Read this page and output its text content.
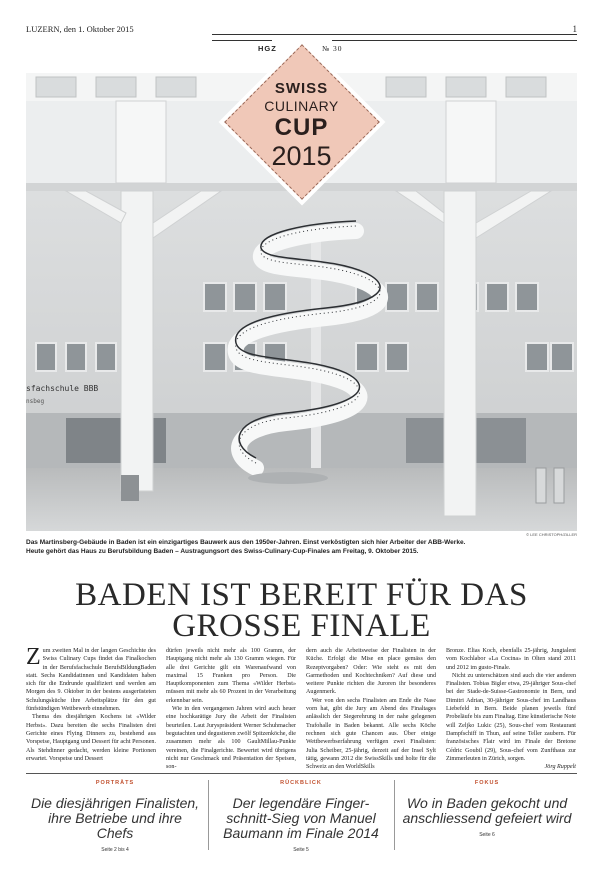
LUZERN, den 1. Oktober 2015	1
HGZ	№ 30
sfachschule BBB
nsbeg
SWISS
CULINARY
CUP
2015
© LEE CHRISTOPH/ZILLER
Das Martinsberg-Gebäude in Baden ist ein einzigartiges Bauwerk aus den 1950er-Jahren. Einst verköstigten sich hier Arbeiter der ABB-Werke. Heute gehört das Haus zu Berufsbildung Baden – Austragungsort des Swiss-Culinary-Cup-Finales am Freitag, 9. Oktober 2015.
BADEN IST BEREIT FÜR DAS
GROSSE FINALE
Z um zweiten Mal in der langen Geschichte des Swiss Culinary Cups findet das Finalkochen in der Berufsfachschule BerufsBildungBaden statt. Sechs Kandidatinnen und Kandidaten haben sich für die Endrunde qualifiziert und werden am Morgen des 9. Oktober in der bestens ausgerüsteten Schulungsküche ihre Arbeitsplätze für den gut fünfstündigen Wettbewerb einnehmen.

Thema des diesjährigen Kochens ist «Wilder Herbst». Dazu bereiten die sechs Finalisten drei Gerichte eines Flying Dinners zu, bestehend aus Vorspeise, Hauptgang und Dessert für acht Personen. Als Stehdinner gedacht, werden kleine Portionen erwartet. Vorspeise und Dessert

dürfen jeweils nicht mehr als 100 Gramm, der Hauptgang nicht mehr als 130 Gramm wiegen. Für alle drei Gerichte gilt ein Warenaufwand von maximal 15 Franken pro Person. Die Hauptkomponenten zum Thema «Wilder Herbst» müssen mit mehr als 60 Prozent in der Verarbeitung erkennbar sein.

Wie in den vergangenen Jahren wird auch heuer eine hochkarätige Jury die Arbeit der Finalisten beurteilen. Laut Juryspräsident Werner Schuhmacher begutachten und degustieren zwölf Spitzenköche, die zusammen mehr als 100 GaultMillau-Punkte vereinen, die Finalgerichte. Bewertet wird übrigens nicht nur Geschmack und Präsentation der Speisen, son-

dern auch die Arbeitsweise der Finalisten in der Küche. Erfolgt die Mise en place gemäss den Rezeptvorgaben? Oder: Wie steht es mit den Garmethoden und Kochtechniken? Auf diese und weitere Punkte richten die Juroren ihr besonderes Augenmerk.

Wer von den sechs Finalisten am Ende die Nase vorn hat, gibt die Jury am Abend des Finaltages anlässlich der Siegerehrung in der nahe gelegenen Trafohalle in Baden bekannt. Alle sechs Köche rechnen sich gute Chancen aus. Über einige Wettbewerbserfahrung verfügen zwei Finalisten: Julia Scheiber, 25-jährig, derzeit auf der Insel Sylt tätig, gewann 2012 die SwissSkills und holte für die Schweiz an den WorldSkills

Bronze. Elias Koch, ebenfalls 25-jährig, Jungtalent vom Kochlabor «La Cocina» in Olten stand 2011 und 2012 im gusto-Finale.

Nicht zu unterschätzen sind auch die vier anderen Finalisten. Tobias Bigler etwa, 29-jähriger Sous-chef bei der Stade-de-Suisse-Gastronomie in Bern, und Dimitri Adrian, 30-jähriger Sous-chef im Landhaus Liebefeld in Bern. Beide planen jeweils fünf Probeläufe bis zum Finaltag. Eine künstlerische Note will Zeljko Lukic (25), Sous-chef vom Restaurant Dampfschiff in Thun, auf seine Teller zaubern. Für französisches Flair wird im Finale der Bretone Cédric Goubil (29), Sous-chef vom Zunfthaus zur Zimmerleuten in Zürich, sorgen.

Jörg Ruppelt

PORTRÄTS
Die diesjährigen Finalisten, ihre Betriebe und ihre Chefs
Seite 2 bis 4
RÜCKBLICK
Der legendäre Finger-schnitt-Sieg von Manuel Baumann im Finale 2014
Seite 5
FOKUS
Wo in Baden gekocht und anschliessend gefeiert wird
Seite 6
